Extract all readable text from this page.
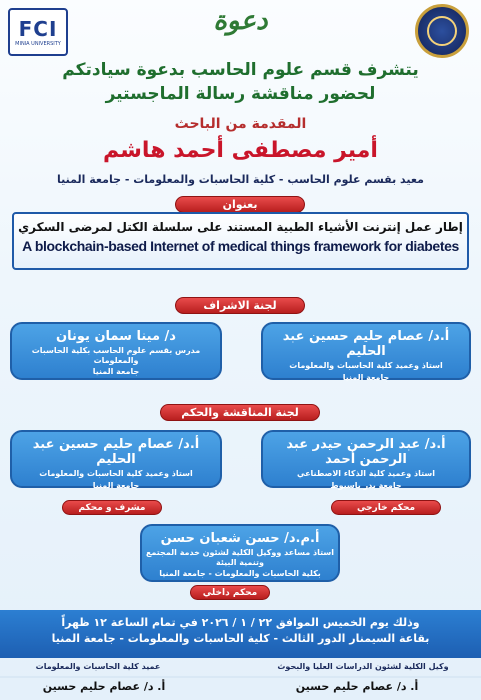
FCI
MINIA UNIVERSITY
دعوة
يتشرف قسم علوم الحاسب بدعوة سيادتكم
لحضور مناقشة رسالة الماجستير
المقدمة من الباحث
أمير مصطفى أحمد هاشم
معيد بقسم علوم الحاسب - كلية الحاسبات والمعلومات - جامعة المنيا
بعنوان
إطار عمل إنترنت الأشياء الطبية المستند على سلسلة الكتل لمرضى السكري
A blockchain-based Internet of medical things framework for diabetes
لجنة الاشراف
أ.د/ عصام حليم حسين عبد الحليم
استاذ وعميد كلية الحاسبات والمعلومات
جامعة المنيا
د/ مينا سمان يونان
مدرس بقسم علوم الحاسب بكلية الحاسبات والمعلومات
جامعة المنيا
لجنة المناقشة والحكم
أ.د/ عبد الرحمن حيدر عبد الرحمن أحمد
استاذ وعميد كلية الذكاء الاصطناعي
جامعة بدر باسيوط
أ.د/ عصام حليم حسين عبد الحليم
استاذ وعميد كلية الحاسبات والمعلومات
جامعة المنيا
محكم خارجي
مشرف و محكم
أ.م.د/ حسن شعبان حسن
استاذ مساعد ووكيل الكلية لشئون خدمة المجتمع وتنمية البيئة
بكلية الحاسبات والمعلومات - جامعة المنيا
محكم داخلي
وذلك يوم الخميس الموافق ٢٢ / ١ / ٢٠٢٦ في تمام الساعة ١٢ ظهراً
بقاعة السيمنار الدور الثالث - كلية الحاسبات والمعلومات - جامعة المنيا
عميد كلية الحاسبات والمعلومات	وكيل الكلية لشئون الدراسات العليا والبحوث
أ. د/ عصام حليم حسين	أ. د/ عصام حليم حسين
